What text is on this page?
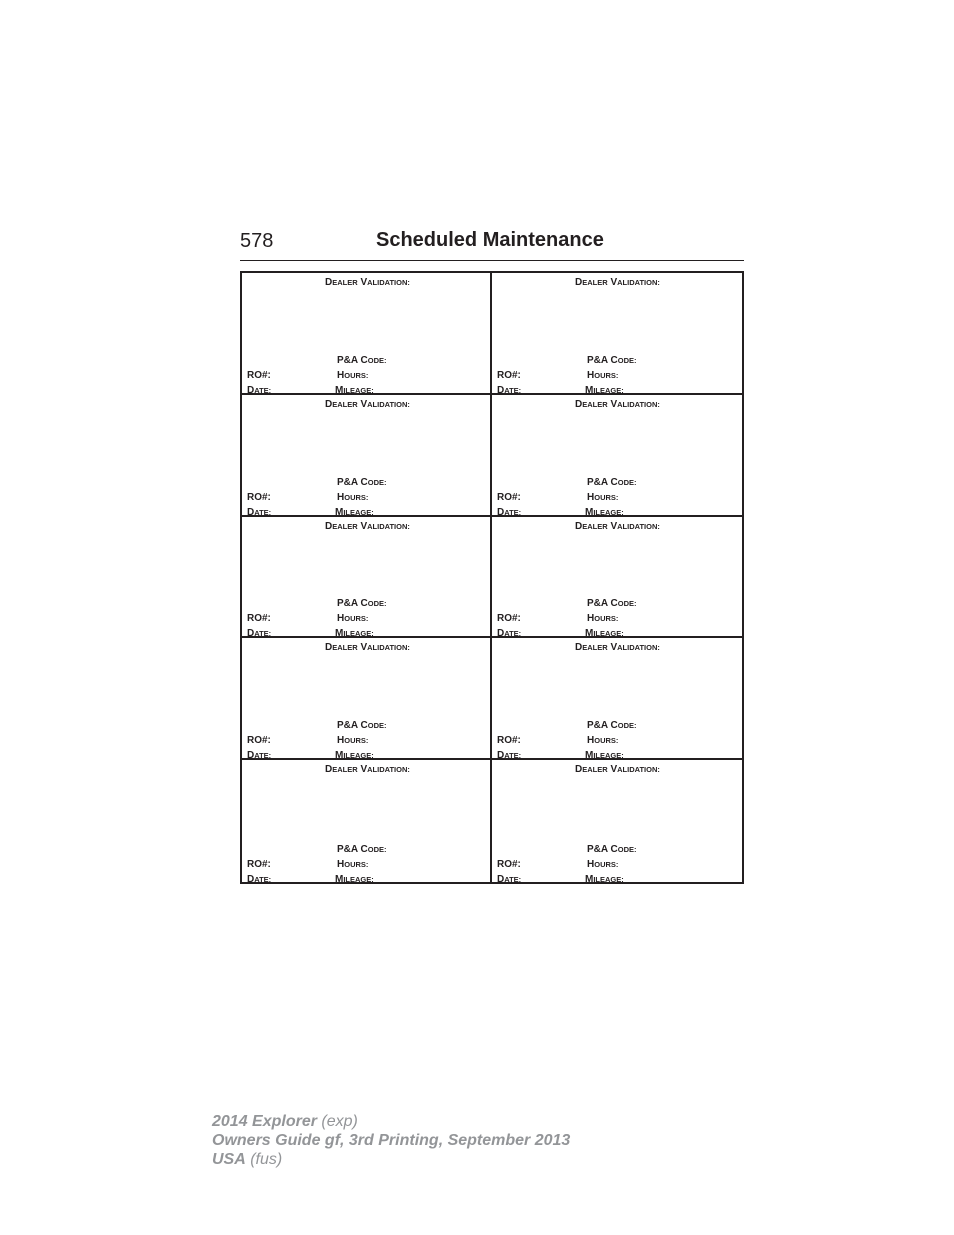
578	Scheduled Maintenance
DEALER VALIDATION:
P&A CODE:
RO#:	HOURS:
DATE:	MILEAGE:
DEALER VALIDATION:
P&A CODE:
RO#:	HOURS:
DATE:	MILEAGE:
DEALER VALIDATION:
P&A CODE:
RO#:	HOURS:
DATE:	MILEAGE:
DEALER VALIDATION:
P&A CODE:
RO#:	HOURS:
DATE:	MILEAGE:
DEALER VALIDATION:
P&A CODE:
RO#:	HOURS:
DATE:	MILEAGE:
DEALER VALIDATION:
P&A CODE:
RO#:	HOURS:
DATE:	MILEAGE:
DEALER VALIDATION:
P&A CODE:
RO#:	HOURS:
DATE:	MILEAGE:
DEALER VALIDATION:
P&A CODE:
RO#:	HOURS:
DATE:	MILEAGE:
DEALER VALIDATION:
P&A CODE:
RO#:	HOURS:
DATE:	MILEAGE:
DEALER VALIDATION:
P&A CODE:
RO#:	HOURS:
DATE:	MILEAGE:
2014 Explorer (exp)
Owners Guide gf, 3rd Printing, September 2013
USA (fus)
